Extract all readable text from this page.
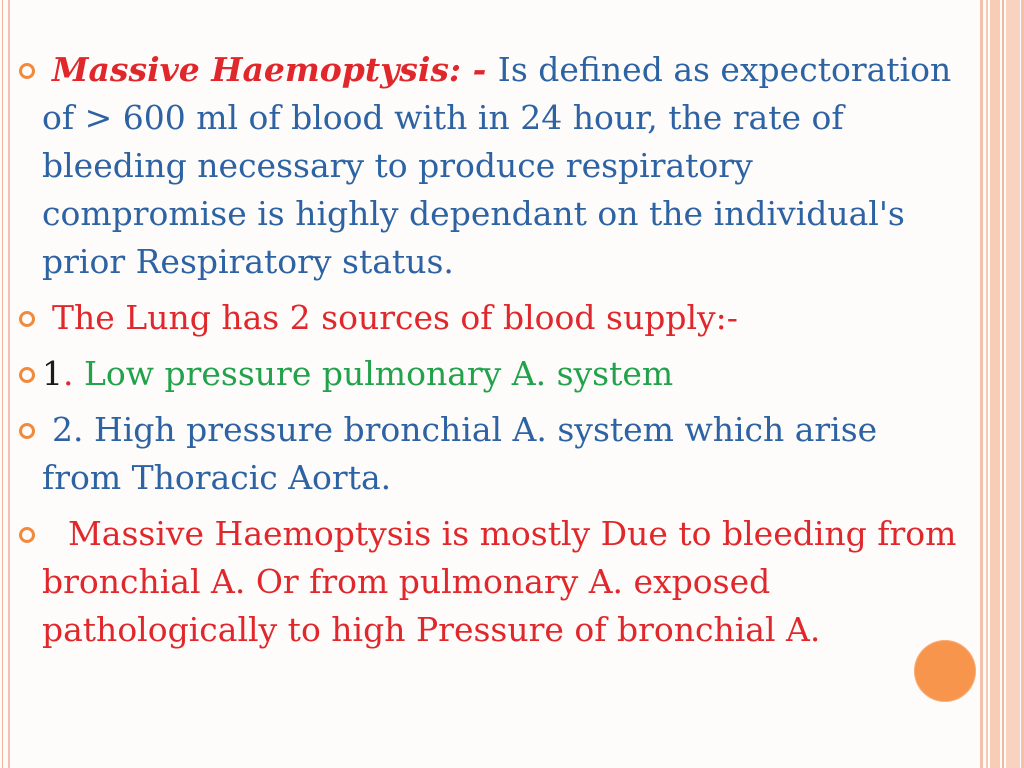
Massive Haemoptysis: - Is defined as expectoration of > 600 ml of blood with in 24 hour, the rate of bleeding necessary to produce respiratory compromise is highly dependant on the individual's prior Respiratory status.

The Lung has 2 sources of blood supply:-

1. Low pressure pulmonary A. system

2. High pressure bronchial A. system which arise from Thoracic Aorta.

Massive Haemoptysis is mostly Due to bleeding from bronchial A. Or from pulmonary A. exposed pathologically to high Pressure of bronchial A.
